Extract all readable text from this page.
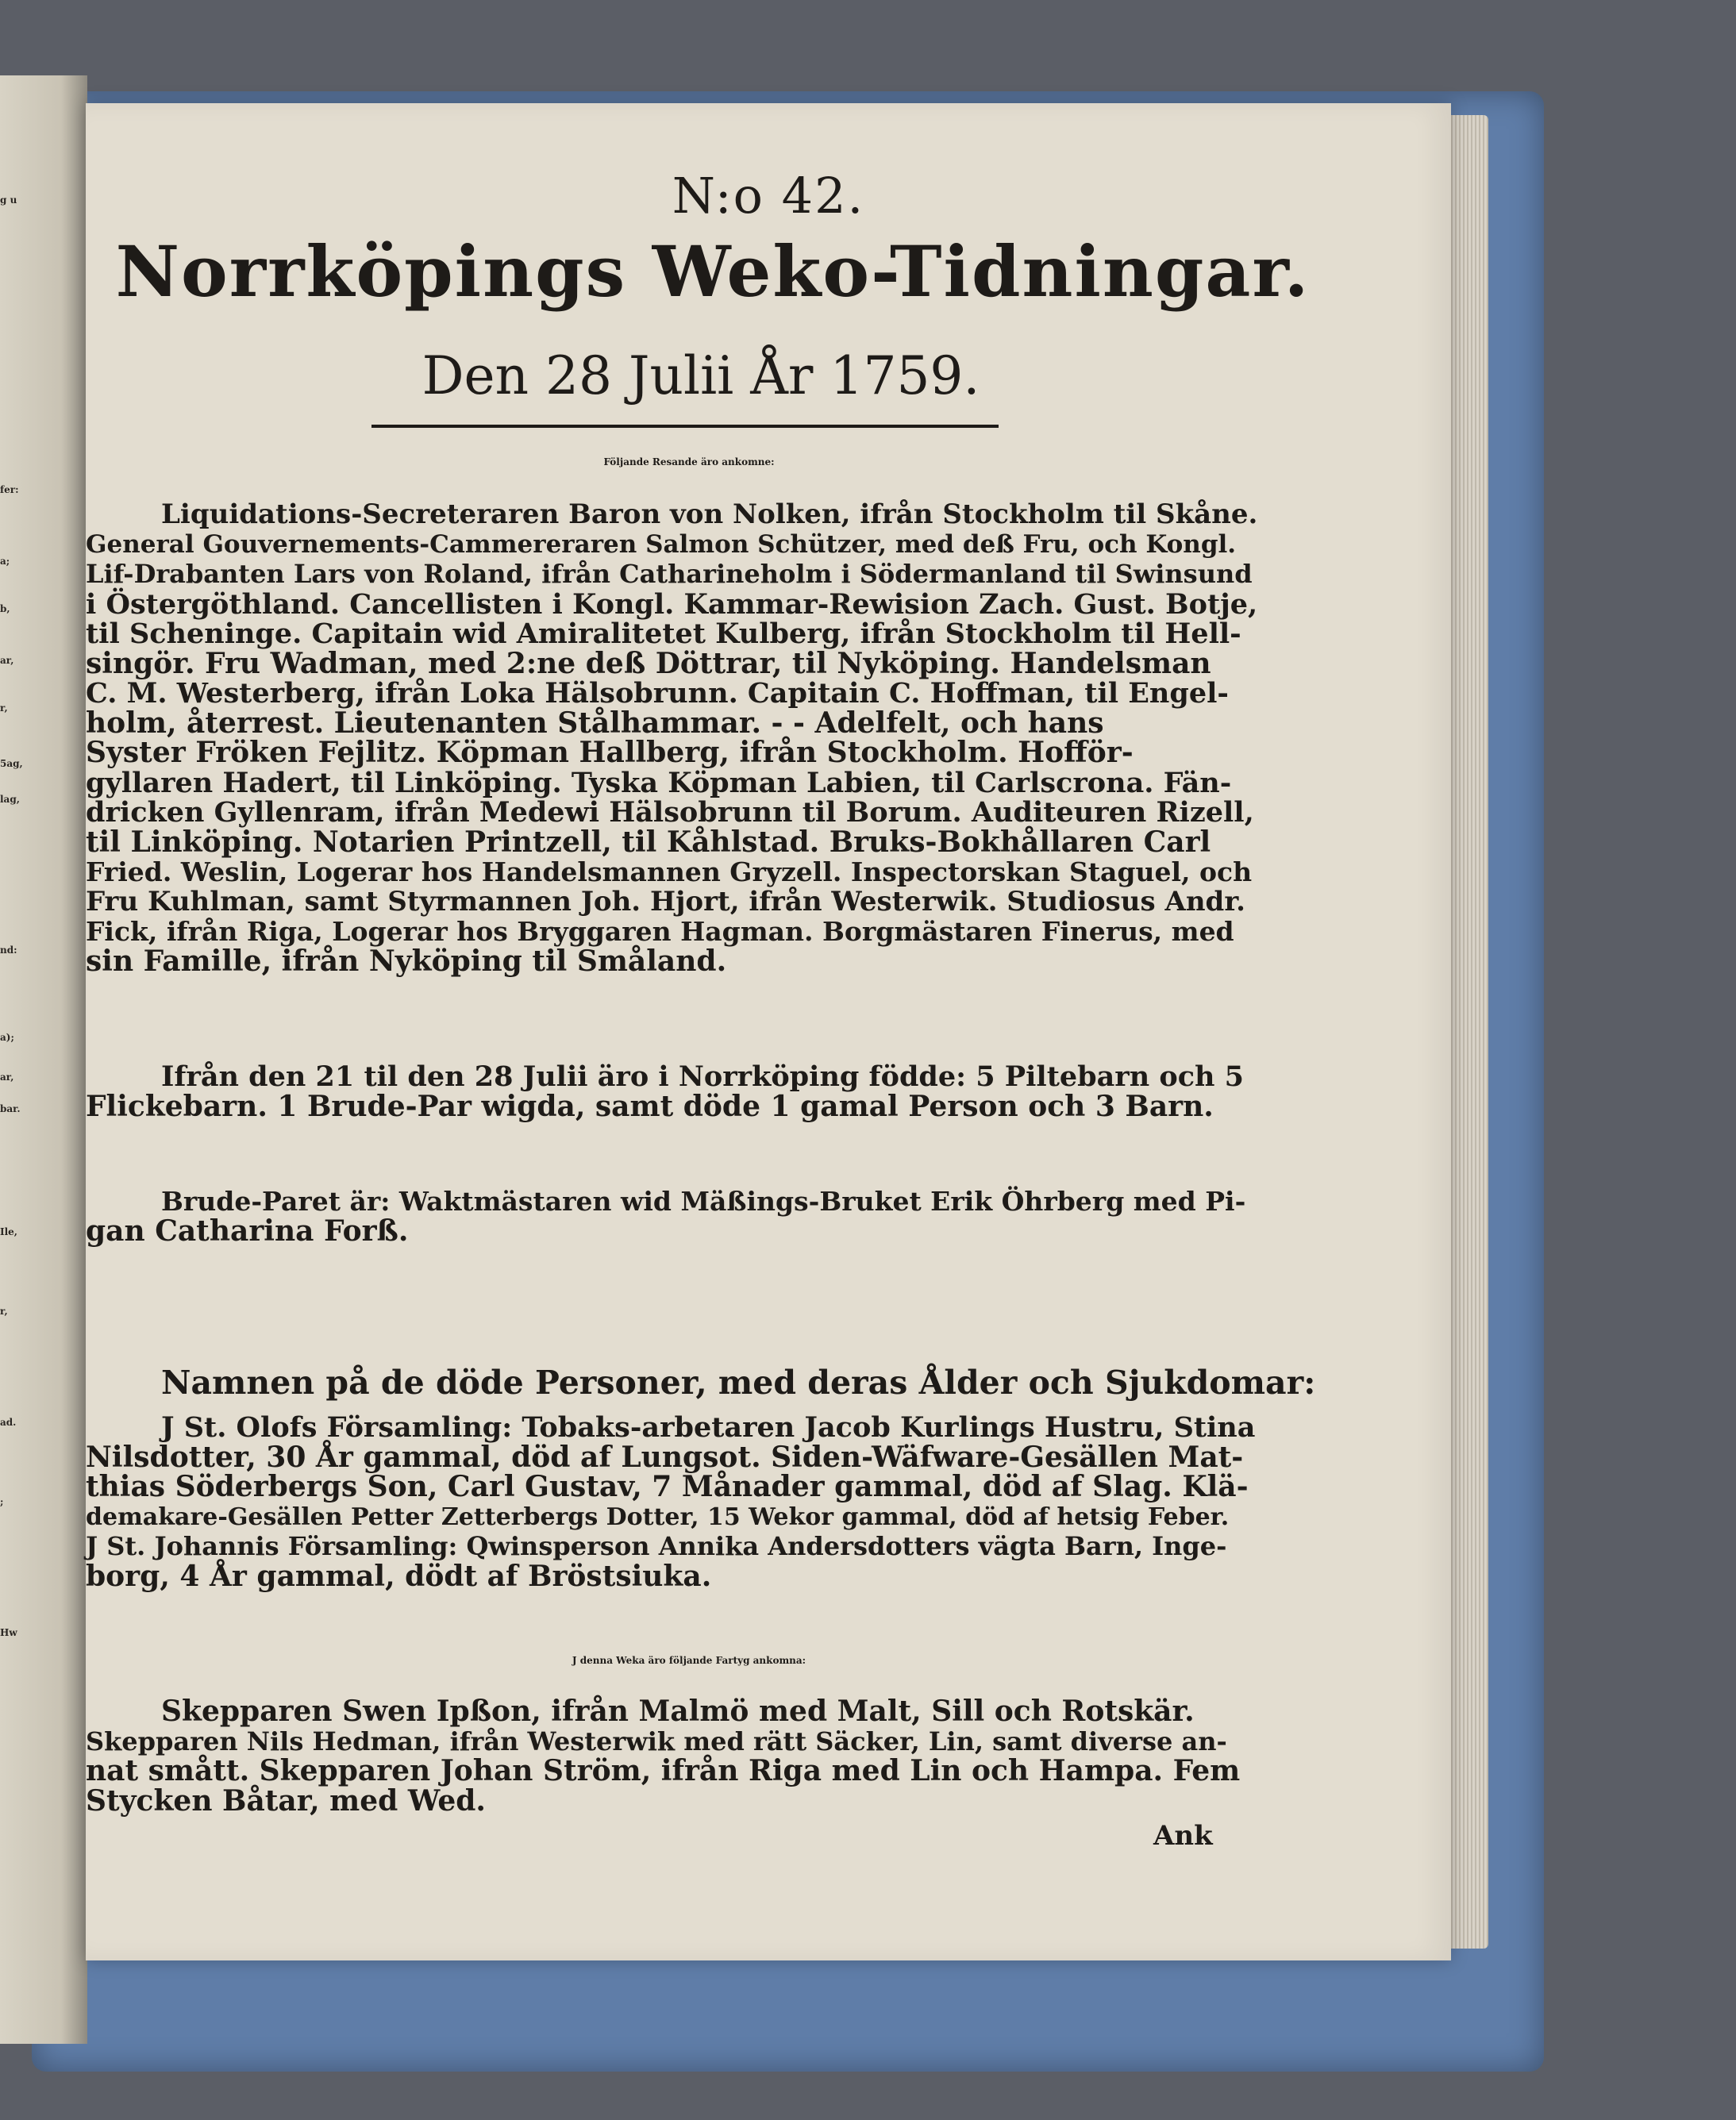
g u
fer:
a;
b,
ar,
r,
5ag,
lag,
nd:
a);
ar,
bar.
Ile,
r,
ad.
;
Hw
N:o 42.
Norrköpings Weko-Tidningar.
Den 28 Julii År 1759.
Följande Resande äro ankomne:
Liquidations-Secreteraren Baron von Nolken, ifrån Stockholm til Skåne.
General Gouvernements-Cammereraren Salmon Schützer, med deß Fru, och Kongl.
Lif-Drabanten Lars von Roland, ifrån Catharineholm i Södermanland til Swinsund
i Östergöthland. Cancellisten i Kongl. Kammar-Rewision Zach. Gust. Botje,
til Scheninge. Capitain wid Amiralitetet Kulberg, ifrån Stockholm til Hell-
singör. Fru Wadman, med 2:ne deß Döttrar, til Nyköping. Handelsman
C. M. Westerberg, ifrån Loka Hälsobrunn. Capitain C. Hoffman, til Engel-
holm, återrest. Lieutenanten Stålhammar. - - Adelfelt, och hans
Syster Fröken Fejlitz. Köpman Hallberg, ifrån Stockholm. Hofför-
gyllaren Hadert, til Linköping. Tyska Köpman Labien, til Carlscrona. Fän-
dricken Gyllenram, ifrån Medewi Hälsobrunn til Borum. Auditeuren Rizell,
til Linköping. Notarien Printzell, til Kåhlstad. Bruks-Bokhållaren Carl
Fried. Weslin, Logerar hos Handelsmannen Gryzell. Inspectorskan Staguel, och
Fru Kuhlman, samt Styrmannen Joh. Hjort, ifrån Westerwik. Studiosus Andr.
Fick, ifrån Riga, Logerar hos Bryggaren Hagman. Borgmästaren Finerus, med
sin Famille, ifrån Nyköping til Småland.
Ifrån den 21 til den 28 Julii äro i Norrköping födde: 5 Piltebarn och 5
Flickebarn. 1 Brude-Par wigda, samt döde 1 gamal Person och 3 Barn.
Brude-Paret är: Waktmästaren wid Mäßings-Bruket Erik Öhrberg med Pi-
gan Catharina Forß.
Namnen på de döde Personer, med deras Ålder och Sjukdomar:
J St. Olofs Församling: Tobaks-arbetaren Jacob Kurlings Hustru, Stina
Nilsdotter, 30 År gammal, död af Lungsot. Siden-Wäfware-Gesällen Mat-
thias Söderbergs Son, Carl Gustav, 7 Månader gammal, död af Slag. Klä-
demakare-Gesällen Petter Zetterbergs Dotter, 15 Wekor gammal, död af hetsig Feber.
J St. Johannis Församling: Qwinsperson Annika Andersdotters vägta Barn, Inge-
borg, 4 År gammal, dödt af Bröstsiuka.
J denna Weka äro följande Fartyg ankomna:
Skepparen Swen Ipßon, ifrån Malmö med Malt, Sill och Rotskär.
Skepparen Nils Hedman, ifrån Westerwik med rätt Säcker, Lin, samt diverse an-
nat smått. Skepparen Johan Ström, ifrån Riga med Lin och Hampa. Fem
Stycken Båtar, med Wed.
Ank
